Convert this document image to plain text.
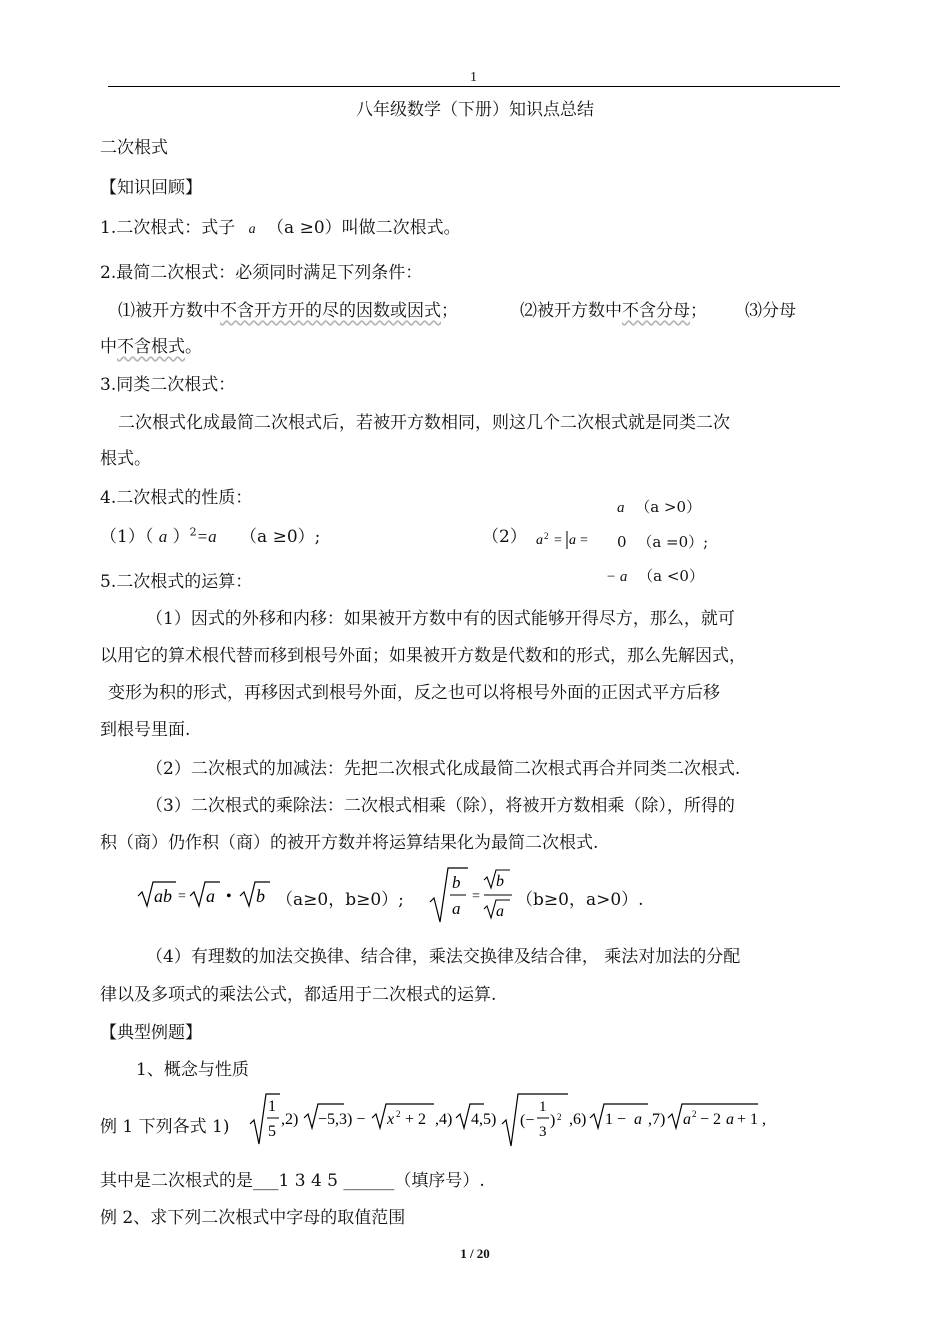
1
八年级数学（下册）知识点总结
二次根式
【知识回顾】
1.二次根式：式子 a （a ≥0）叫做二次根式。
2.最简二次根式：必须同时满足下列条件：
⑴被开方数中不含开方开的尽的因数或因式；	⑵被开方数中不含分母； ⑶分母
中不含根式。
3.同类二次根式：
二次根式化成最简二次根式后，若被开方数相同，则这几个二次根式就是同类二次
根式。
4.二次根式的性质：
（1）（ a ）$^2$=a （a ≥0）;	（2） a 2 = a =
a （a >0）
0 （a =0）;
− a （a <0）
5.二次根式的运算：
（1）因式的外移和内移：如果被开方数中有的因式能够开得尽方，那么，就可
以用它的算术根代替而移到根号外面；如果被开方数是代数和的形式，那么先解因式，
变形为积的形式，再移因式到根号外面，反之也可以将根号外面的正因式平方后移
到根号里面.
（2）二次根式的加减法：先把二次根式化成最简二次根式再合并同类二次根式.
（3）二次根式的乘除法：二次根式相乘（除），将被开方数相乘（除），所得的
积（商）仍作积（商）的被开方数并将运算结果化为最简二次根式.
ab = a • b （a≥0，b≥0）;
b
a
=
b
a
（b≥0，a>0）.
（4）有理数的加法交换律、结合律，乘法交换律及结合律， 乘法对加法的分配
律以及多项式的乘法公式，都适用于二次根式的运算.
【典型例题】
1、概念与性质
例 1 下列各式 1)
1
5
,2) −5,3) − x 2 + 2 ,4) 4,5) (−
1
3
) 2 ,6) 1 − a ,7) a 2 − 2 a + 1 ,
其中是二次根式的是___1 3 4 5 ______（填序号）.
例 2、求下列二次根式中字母的取值范围
1 / 20
